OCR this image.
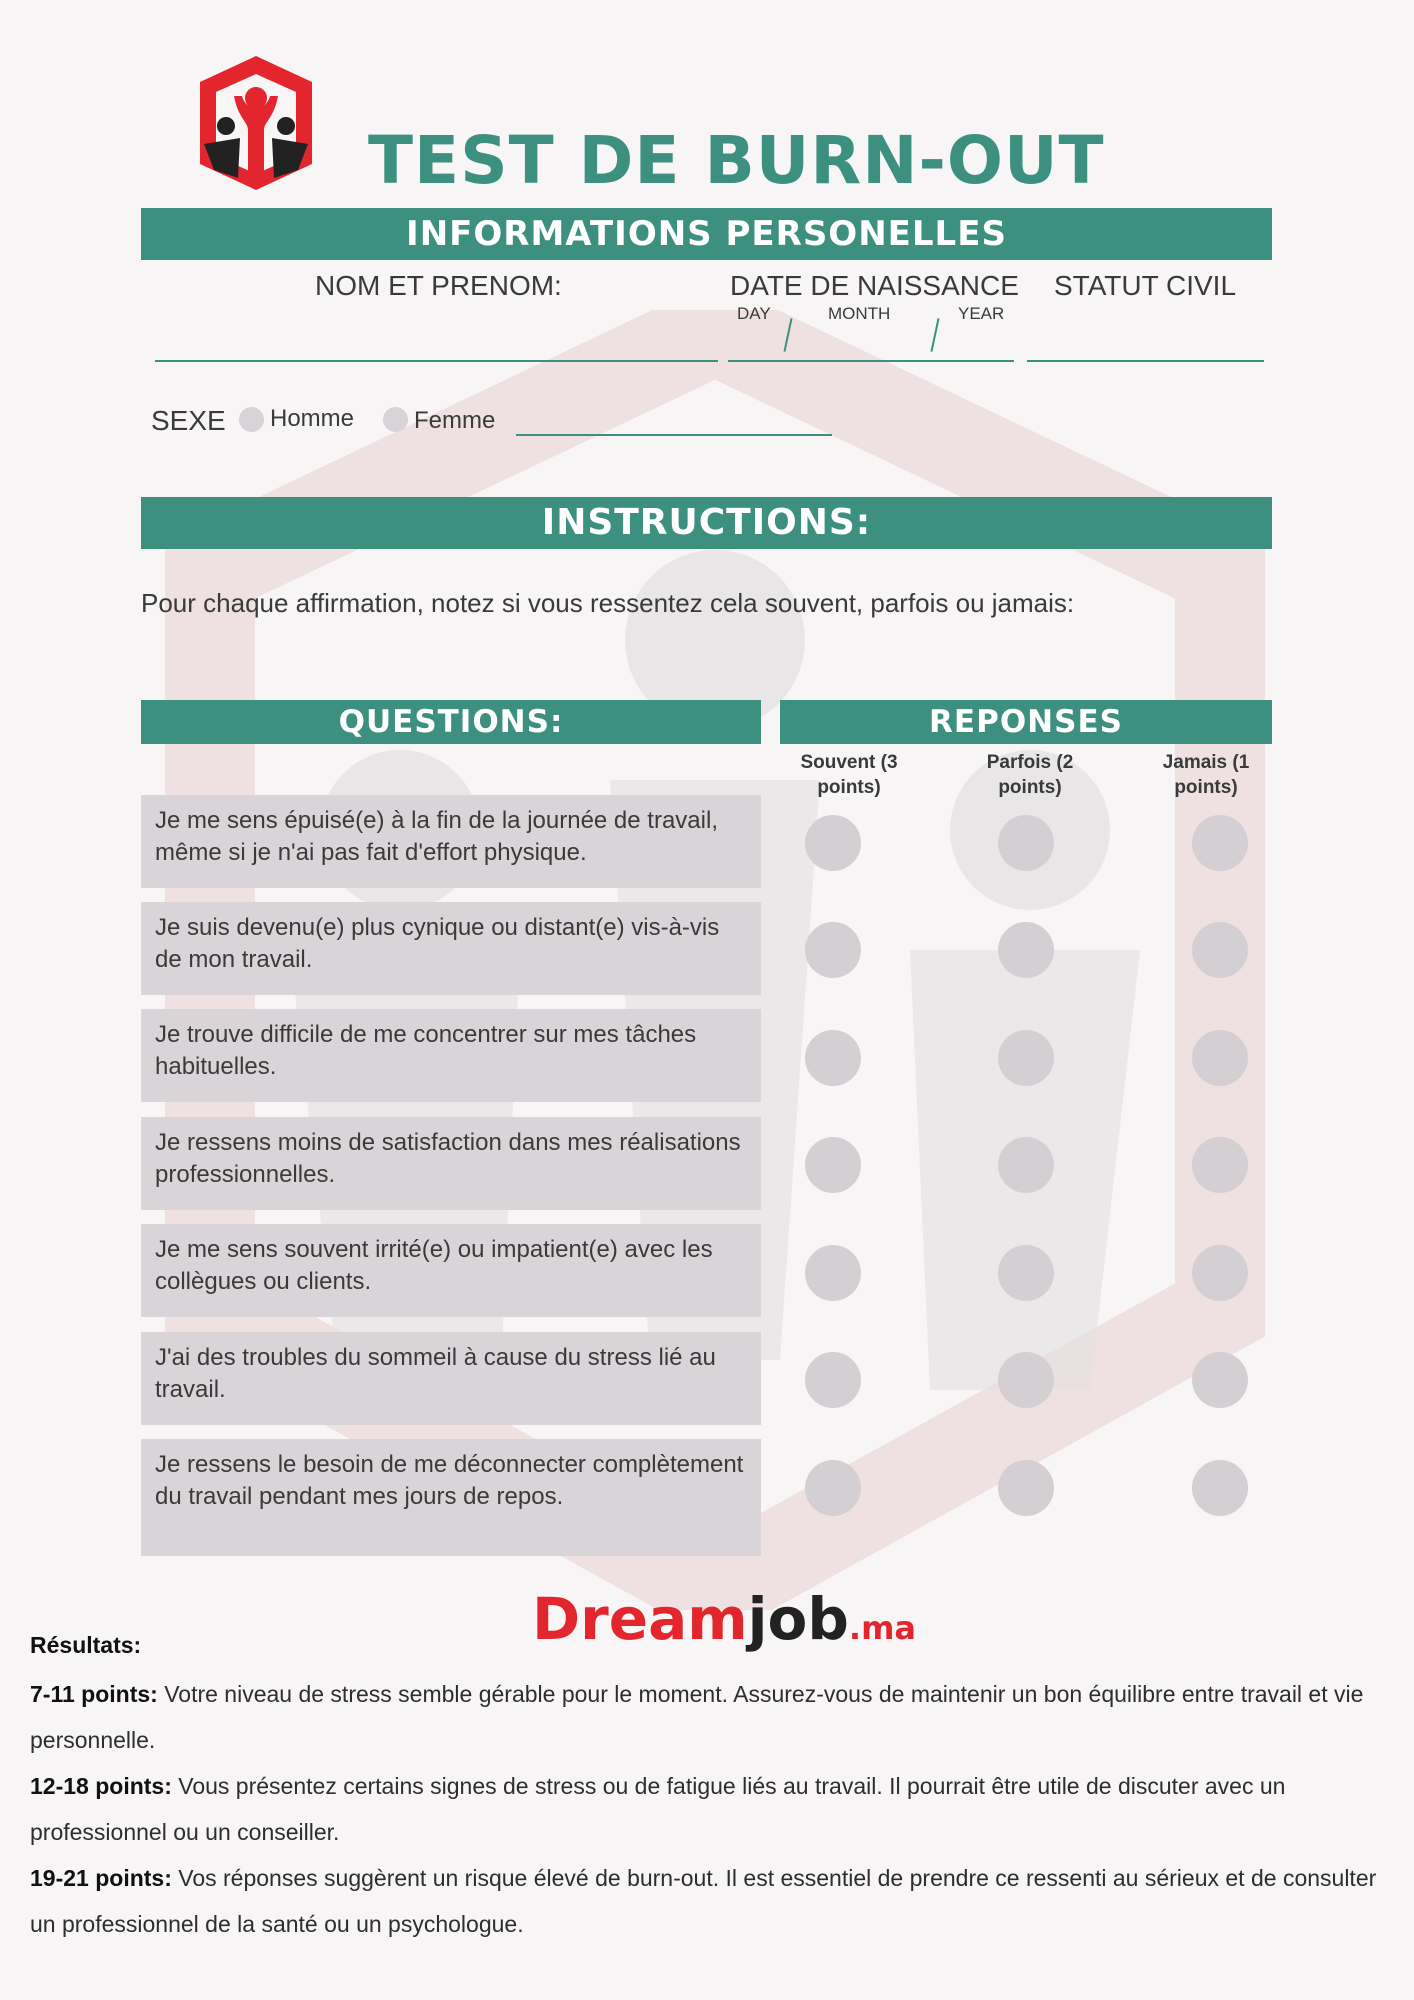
TEST DE BURN-OUT
INFORMATIONS PERSONELLES
NOM ET PRENOM:	DATE DE NAISSANCE STATUT CIVIL
DAY	MONTH	YEAR
SEXE Homme Femme
INSTRUCTIONS:
Pour chaque affirmation, notez si vous ressentez cela souvent, parfois ou jamais:
QUESTIONS:	REPONSES
Souvent (3 points)
Parfois (2 points)
Jamais (1 points)
Je me sens épuisé(e) à la fin de la journée de travail, même si je n'ai pas fait d'effort physique.
Je suis devenu(e) plus cynique ou distant(e) vis-à-vis de mon travail.
Je trouve difficile de me concentrer sur mes tâches habituelles.
Je ressens moins de satisfaction dans mes réalisations professionnelles.
Je me sens souvent irrité(e) ou impatient(e) avec les collègues ou clients.
J'ai des troubles du sommeil à cause du stress lié au travail.
Je ressens le besoin de me déconnecter complètement du travail pendant mes jours de repos.
Dreamjob.ma
Résultats:
7-11 points: Votre niveau de stress semble gérable pour le moment. Assurez-vous de maintenir un bon équilibre entre travail et vie personnelle.
12-18 points: Vous présentez certains signes de stress ou de fatigue liés au travail. Il pourrait être utile de discuter avec un professionnel ou un conseiller.
19-21 points: Vos réponses suggèrent un risque élevé de burn-out. Il est essentiel de prendre ce ressenti au sérieux et de consulter un professionnel de la santé ou un psychologue.
